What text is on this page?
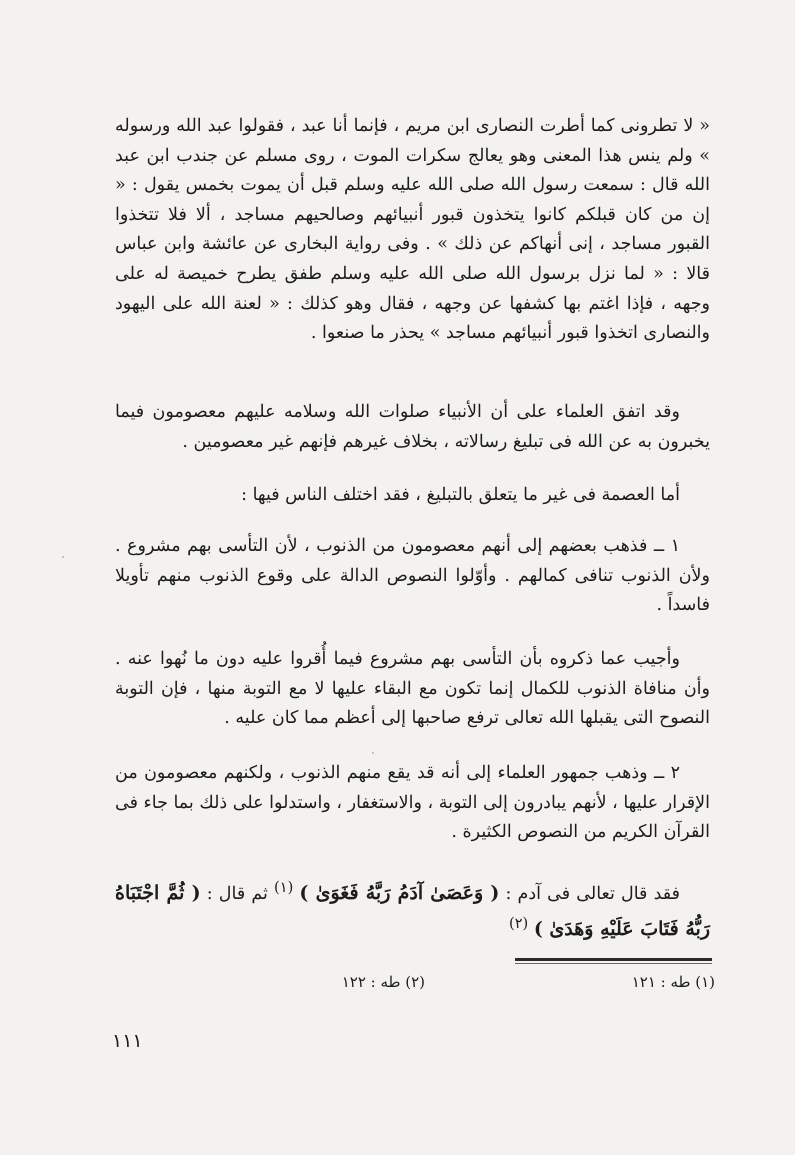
« لا تطرونى كما أطرت النصارى ابن مريم ، فإنما أنا عبد ، فقولوا عبد الله ورسوله » ولم ينس هذا المعنى وهو يعالج سكرات الموت ، روى مسلم عن جندب ابن عبد الله قال : سمعت رسول الله صلى الله عليه وسلم قبل أن يموت بخمس يقول : « إن من كان قبلكم كانوا يتخذون قبور أنبيائهم وصالحيهم مساجد ، ألا فلا تتخذوا القبور مساجد ، إنى أنهاكم عن ذلك » . وفى رواية البخارى عن عائشة وابن عباس قالا : « لما نزل برسول الله صلى الله عليه وسلم طفق يطرح خميصة له على وجهه ، فإذا اغتم بها كشفها عن وجهه ، فقال وهو كذلك : « لعنة الله على اليهود والنصارى اتخذوا قبور أنبيائهم مساجد » يحذر ما صنعوا .

وقد اتفق العلماء على أن الأنبياء صلوات الله وسلامه عليهم معصومون فيما يخبرون به عن الله فى تبليغ رسالاته ، بخلاف غيرهم فإنهم غير معصومين .

أما العصمة فى غير ما يتعلق بالتبليغ ، فقد اختلف الناس فيها :

١ ــ فذهب بعضهم إلى أنهم معصومون من الذنوب ، لأن التأسى بهم مشروع . ولأن الذنوب تنافى كمالهم . وأوّلوا النصوص الدالة على وقوع الذنوب منهم تأويلا فاسداً .

وأجيب عما ذكروه بأن التأسى بهم مشروع فيما أُقروا عليه دون ما نُهوا عنه . وأن منافاة الذنوب للكمال إنما تكون مع البقاء عليها لا مع التوبة منها ، فإن التوبة النصوح التى يقبلها الله تعالى ترفع صاحبها إلى أعظم مما كان عليه .

٢ ــ وذهب جمهور العلماء إلى أنه قد يقع منهم الذنوب ، ولكنهم معصومون من الإقرار عليها ، لأنهم يبادرون إلى التوبة ، والاستغفار ، واستدلوا على ذلك بما جاء فى القرآن الكريم من النصوص الكثيرة .

فقد قال تعالى فى آدم : ( وَعَصَىٰ آدَمُ رَبَّهُ فَغَوَىٰ ) $^{(١)}$ ثم قال : ( ثُمَّ اجْتَبَاهُ رَبُّهُ فَتَابَ عَلَيْهِ وَهَدَىٰ ) $^{(٢)}$

(١) طه : ١٢١
(٢) طه : ١٢٢
١١١
